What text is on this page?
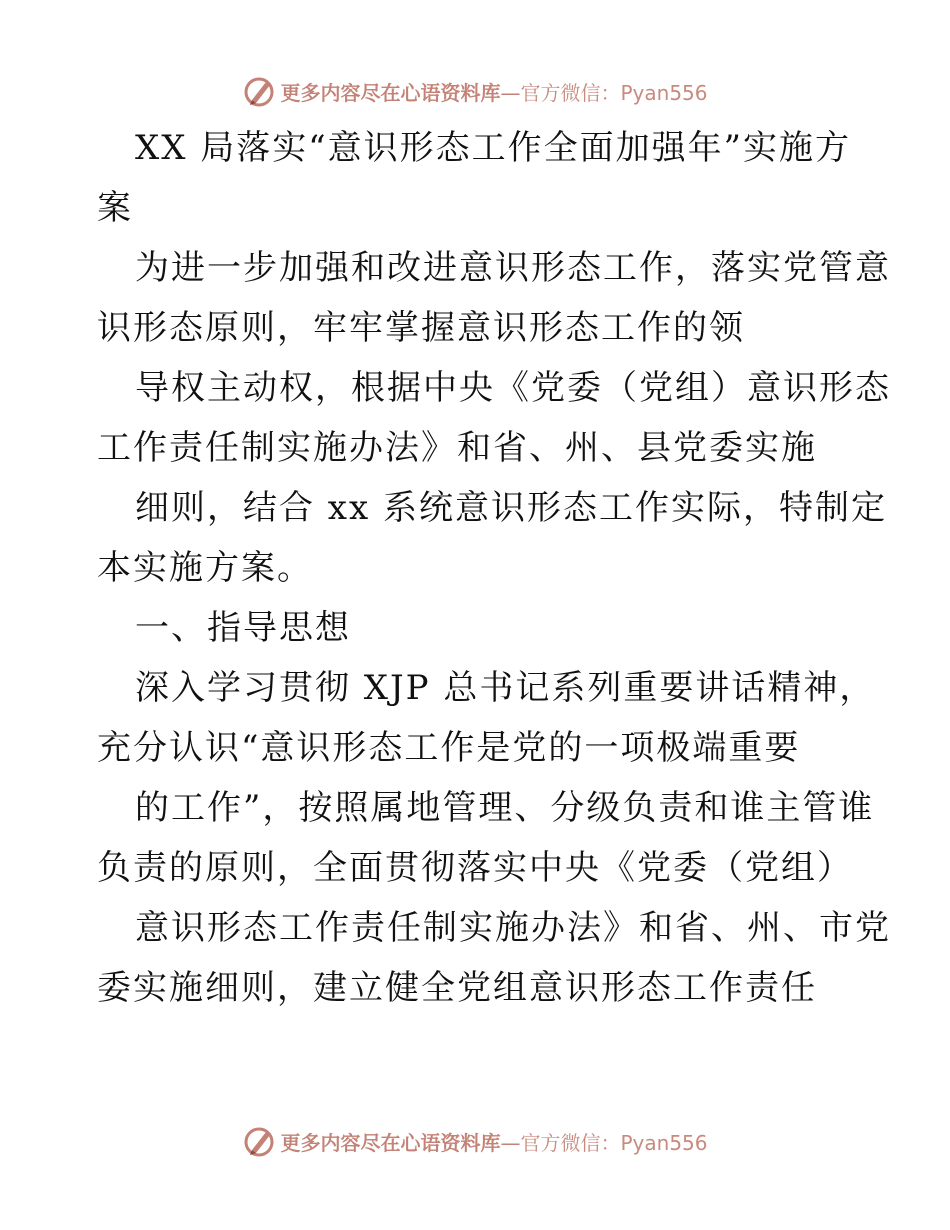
更多内容尽在心语资料库—官方微信：Pyan556
XX 局落实“意识形态工作全面加强年”实施方
案
为进一步加强和改进意识形态工作，落实党管意
识形态原则，牢牢掌握意识形态工作的领
导权主动权，根据中央《党委（党组）意识形态
工作责任制实施办法》和省、州、县党委实施
细则，结合 xx 系统意识形态工作实际，特制定
本实施方案。
一、指导思想
深入学习贯彻 XJP 总书记系列重要讲话精神，
充分认识“意识形态工作是党的一项极端重要
的工作”，按照属地管理、分级负责和谁主管谁
负责的原则，全面贯彻落实中央《党委（党组）
意识形态工作责任制实施办法》和省、州、市党
委实施细则，建立健全党组意识形态工作责任
更多内容尽在心语资料库—官方微信：Pyan556
